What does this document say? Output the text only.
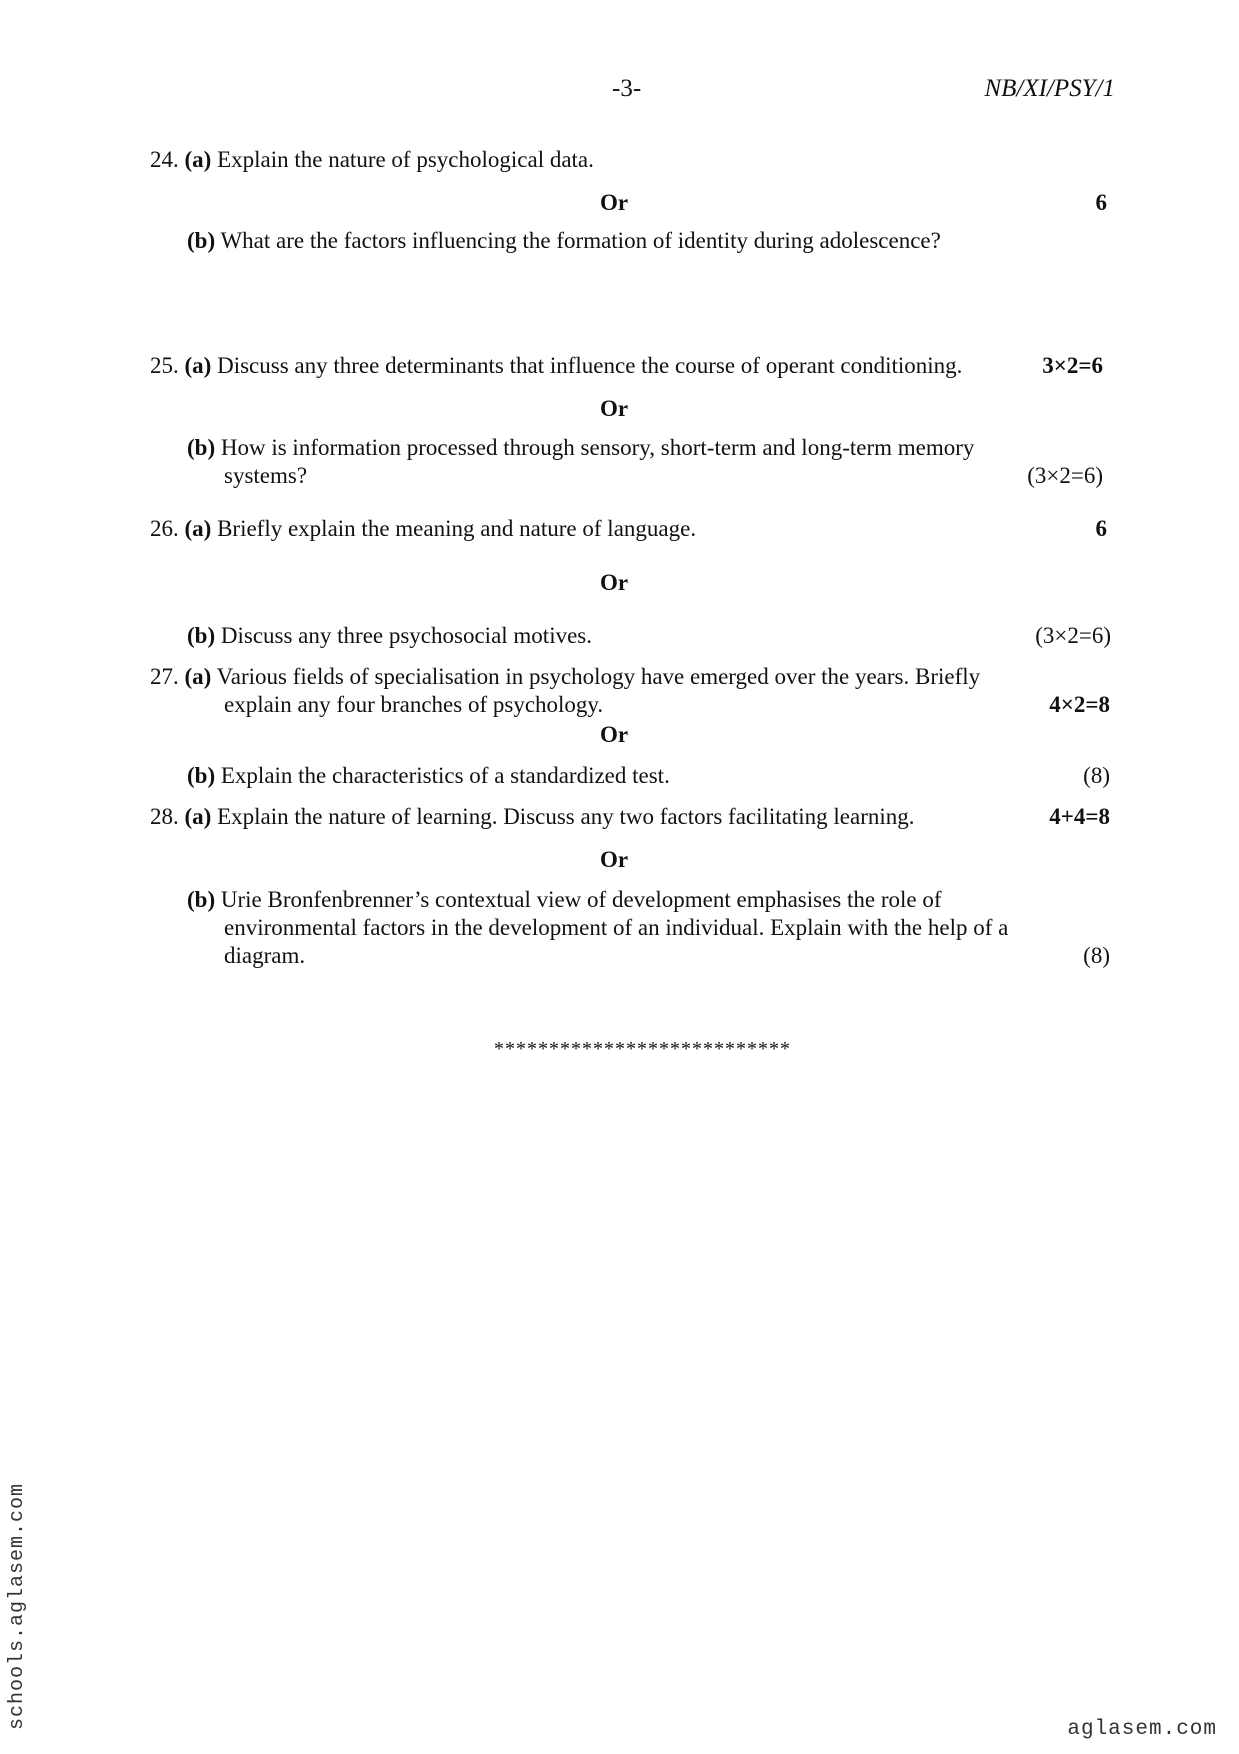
-3-	NB/XI/PSY/1
24. (a) Explain the nature of psychological data.
Or	6
(b) What are the factors influencing the formation of identity during adolescence?
25. (a) Discuss any three determinants that influence the course of operant conditioning.	3×2=6
Or
(b) How is information processed through sensory, short-term and long-term memory
systems?	(3×2=6)
26. (a) Briefly explain the meaning and nature of language.	6
Or
(b) Discuss any three psychosocial motives.	(3×2=6)
27. (a) Various fields of specialisation in psychology have emerged over the years. Briefly
explain any four branches of psychology.	4×2=8
Or
(b) Explain the characteristics of a standardized test.	(8)
28. (a) Explain the nature of learning. Discuss any two factors facilitating learning.	4+4=8
Or
(b) Urie Bronfenbrenner’s contextual view of development emphasises the role of
environmental factors in the development of an individual. Explain with the help of a
diagram.	(8)
***************************
schools.aglasem.com	aglasem.com
